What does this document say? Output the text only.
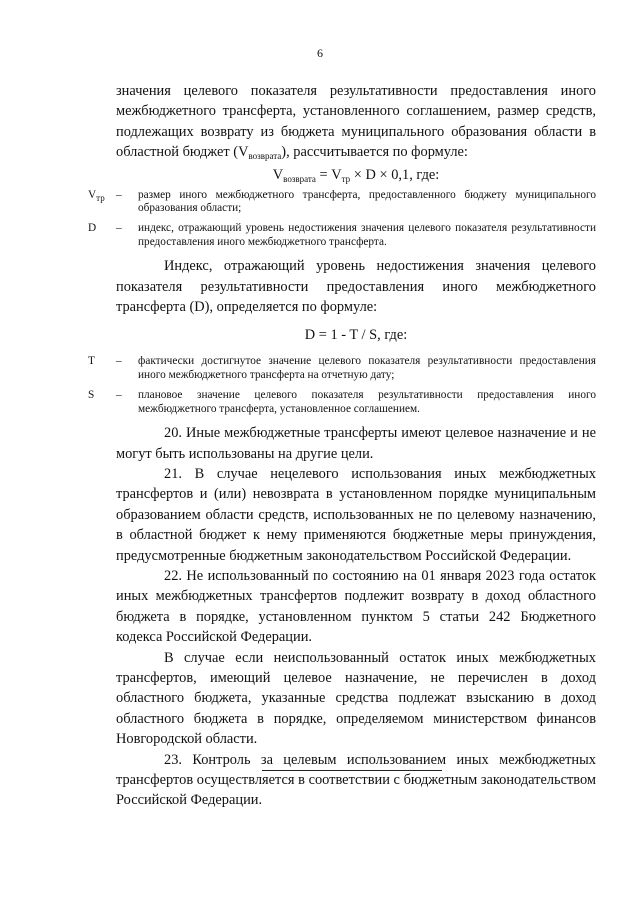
6

значения целевого показателя результативности предоставления иного межбюджетного трансферта, установленного соглашением, размер средств, подлежащих возврату из бюджета муниципального образования области в областной бюджет $(V_{возврата})$, рассчитывается по формуле:

$V_{возврата} = V_{тр} \times D \times 0,1$, где:
$V_{тр}$ –	размер иного межбюджетного трансферта, предоставленного бюджету муниципального образования области;
D	–	индекс, отражающий уровень недостижения значения целевого показателя результативности предоставления иного межбюджетного трансферта.

Индекс, отражающий уровень недостижения значения целевого показателя результативности предоставления иного межбюджетного трансферта (D), определяется по формуле:

D = 1 - T / S, где:
T	–	фактически достигнутое значение целевого показателя результативности предоставления иного межбюджетного трансферта на отчетную дату;
S	–	плановое значение целевого показателя результативности предоставления иного межбюджетного трансферта, установленное соглашением.

20. Иные межбюджетные трансферты имеют целевое назначение и не могут быть использованы на другие цели.

21. В случае нецелевого использования иных межбюджетных трансфертов и (или) невозврата в установленном порядке муниципальным образованием области средств, использованных не по целевому назначению, в областной бюджет к нему применяются бюджетные меры принуждения, предусмотренные бюджетным законодательством Российской Федерации.

22. Не использованный по состоянию на 01 января 2023 года остаток иных межбюджетных трансфертов подлежит возврату в доход областного бюджета в порядке, установленном пунктом 5 статьи 242 Бюджетного кодекса Российской Федерации.

В случае если неиспользованный остаток иных межбюджетных трансфертов, имеющий целевое назначение, не перечислен в доход областного бюджета, указанные средства подлежат взысканию в доход областного бюджета в порядке, определяемом министерством финансов Новгородской области.

23. Контроль за целевым использованием иных межбюджетных трансфертов осуществляется в соответствии с бюджетным законодательством Российской Федерации.
